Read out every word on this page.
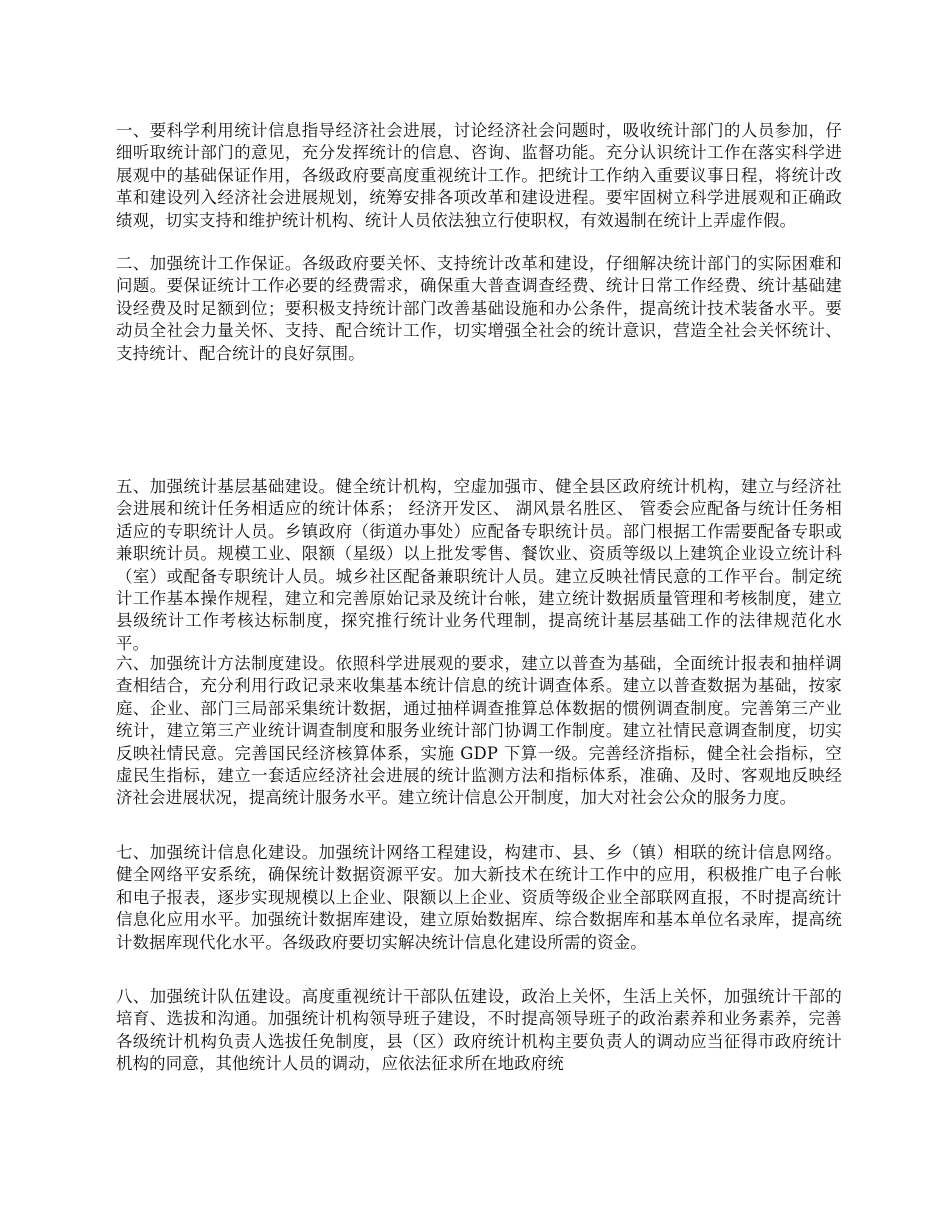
一、要科学利用统计信息指导经济社会进展，讨论经济社会问题时，吸收统计部门的人员参加，仔细听取统计部门的意见，充分发挥统计的信息、咨询、监督功能。充分认识统计工作在落实科学进展观中的基础保证作用，各级政府要高度重视统计工作。把统计工作纳入重要议事日程，将统计改革和建设列入经济社会进展规划，统筹安排各项改革和建设进程。要牢固树立科学进展观和正确政绩观，切实支持和维护统计机构、统计人员依法独立行使职权，有效遏制在统计上弄虚作假。

二、加强统计工作保证。各级政府要关怀、支持统计改革和建设，仔细解决统计部门的实际困难和问题。要保证统计工作必要的经费需求，确保重大普查调查经费、统计日常工作经费、统计基础建设经费及时足额到位；要积极支持统计部门改善基础设施和办公条件，提高统计技术装备水平。要动员全社会力量关怀、支持、配合统计工作，切实增强全社会的统计意识，营造全社会关怀统计、支持统计、配合统计的良好氛围。

五、加强统计基层基础建设。健全统计机构，空虚加强市、健全县区政府统计机构，建立与经济社会进展和统计任务相适应的统计体系； 经济开发区、 湖风景名胜区、 管委会应配备与统计任务相适应的专职统计人员。乡镇政府（街道办事处）应配备专职统计员。部门根据工作需要配备专职或兼职统计员。规模工业、限额（星级）以上批发零售、餐饮业、资质等级以上建筑企业设立统计科（室）或配备专职统计人员。城乡社区配备兼职统计人员。建立反映社情民意的工作平台。制定统计工作基本操作规程，建立和完善原始记录及统计台帐，建立统计数据质量管理和考核制度，建立县级统计工作考核达标制度，探究推行统计业务代理制，提高统计基层基础工作的法律规范化水平。

六、加强统计方法制度建设。依照科学进展观的要求，建立以普查为基础，全面统计报表和抽样调查相结合，充分利用行政记录来收集基本统计信息的统计调查体系。建立以普查数据为基础，按家庭、企业、部门三局部采集统计数据，通过抽样调查推算总体数据的惯例调查制度。完善第三产业统计，建立第三产业统计调查制度和服务业统计部门协调工作制度。建立社情民意调查制度，切实反映社情民意。完善国民经济核算体系，实施 GDP 下算一级。完善经济指标，健全社会指标，空虚民生指标，建立一套适应经济社会进展的统计监测方法和指标体系，准确、及时、客观地反映经济社会进展状况，提高统计服务水平。建立统计信息公开制度，加大对社会公众的服务力度。

七、加强统计信息化建设。加强统计网络工程建设，构建市、县、乡（镇）相联的统计信息网络。健全网络平安系统，确保统计数据资源平安。加大新技术在统计工作中的应用，积极推广电子台帐和电子报表，逐步实现规模以上企业、限额以上企业、资质等级企业全部联网直报，不时提高统计信息化应用水平。加强统计数据库建设，建立原始数据库、综合数据库和基本单位名录库，提高统计数据库现代化水平。各级政府要切实解决统计信息化建设所需的资金。

八、加强统计队伍建设。高度重视统计干部队伍建设，政治上关怀，生活上关怀，加强统计干部的培育、选拔和沟通。加强统计机构领导班子建设，不时提高领导班子的政治素养和业务素养，完善各级统计机构负责人选拔任免制度，县（区）政府统计机构主要负责人的调动应当征得市政府统计机构的同意，其他统计人员的调动，应依法征求所在地政府统
